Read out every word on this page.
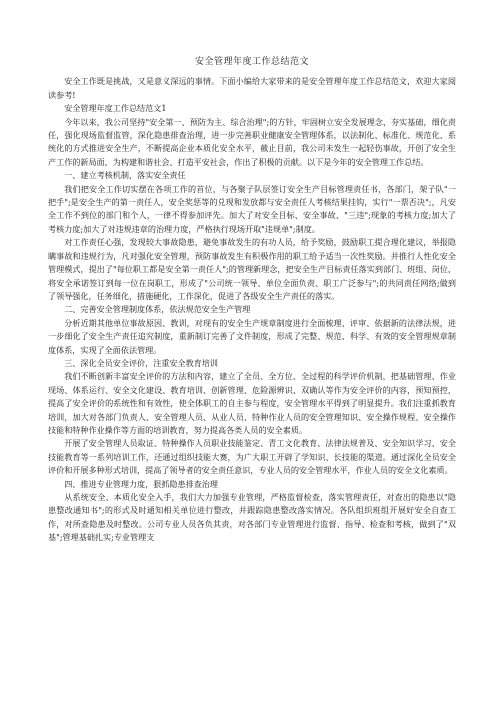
安全管理年度工作总结范文

安全工作既是挑战，又是意义深远的事情。下面小编给大家带来的是安全管理年度工作总结范文，欢迎大家阅读参考!

安全管理年度工作总结范文1

今年以来，我公司坚持"安全第一、预防为主、综合治理";的方针，牢固树立安全发展理念，夯实基础，细化责任，强化现场监督监管，深化隐患排查治理，进一步完善职业健康安全管理体系，以法制化、标准化、规范化、系统化的方式推进安全生产，不断提高企业本质化安全水平，截止目前，我公司未发生一起轻伤事故，开创了安全生产工作的新局面，为构建和谐社会、打造平安社会，作出了积极的贡献。以下是今年的安全管理工作总结。

一、建立考核机制，落实安全责任

我们把安全工作切实摆在各项工作的首位，与各聚子队层签订安全生产目标管理责任书，各部门，架子队"一把手";是安全生产的第一责任人，安全奖惩等的兑现和发放都与安全责任人考核结果挂钩，实行"一票否决";，凡安全工作不到位的部门和个人，一律不得参加评先。加大了对安全目标、安全事故、"三违";现象的考核力度;加大了考核力度;加大了对违规违章的治理力度，严格执行现场开取"违规单";制度。

对工作责任心强，发现较大事故隐患，避免事故发生的有功人员，给予奖励，鼓励职工提合理化建议，举报隐瞒事故和违规行为，凡对强化安全管理，预防事故发生有积极作用的职工给予适当一次性奖励。并推行人性化安全管理模式，提出了"每位职工都是安全第一责任人";的管理新理念，把安全生产目标责任落实到部门、班组、岗位，将安全承诺签订到每一位在岗职工，形成了"公司统一领导、单位全面负责、职工广泛参与";的共同责任网络;做到了领导强化，任务细化，措施硬化，工作深化，促进了各级安全生产责任的落实。

二、完善安全管理制度体系，依法规范安全生产管理

分析近期其他单位事故原因、教训，对现有的安全生产规章制度进行全面梳理、评审、依据新的法律法规，进一步细化了安全生产责任追究制度，重新制订完善了文件制度，形成了完整、规范、科学、有效的安全管理规章制度体系，实现了全面依法管理。

三、深化全员安全评价，注重安全教育培训

我们不断创新丰富安全评价的方法和内容，建立了全员、全方位、全过程的科学评价机制，把基础管理、作业现场、体系运行、安全文化建设、教育培训、创新管理、危险源辨识、双确认等作为安全评价的内容，预知预控，提高了安全评价的系统性和有效性，使全体职工的自主参与程度，安全管理水平得到了明显提升。我们注重抓教育培训，加大对各部门负责人、安全管理人员、从业人员、特种作业人员的安全管理知识、安全操作规程、安全操作技能和特种作业操作等方面的培训教育，努力提高各类人员的安全素质。

开展了安全管理人员取证、特种操作人员职业技能鉴定、青工文化教育、法律法规普及、安全知识学习、安全技能教育等一系列培训工作，还通过组织技能大赛，为广大职工开辟了学知识、长技能的渠道。通过深化全员安全评价和开展多种形式培训，提高了领导者的安全责任意识，专业人员的安全管理水平，作业人员的安全文化素质。

四、推进专业管理力度，狠抓隐患排查治理

从系统安全、本质化安全入手，我们大力加强专业管理，严格监督检查，落实管理责任，对查出的隐患以"隐患整改通知书";的形式及时通知相关单位进行整改，并跟踪隐患整改落实情况。各队组织班组开展好安全自查工作，对所查隐患及时整改。公司专业人员各负其责，对各部门专业管理进行监督、指导、检查和考核，做到了"双基";管理基础扎实;专业管理支
